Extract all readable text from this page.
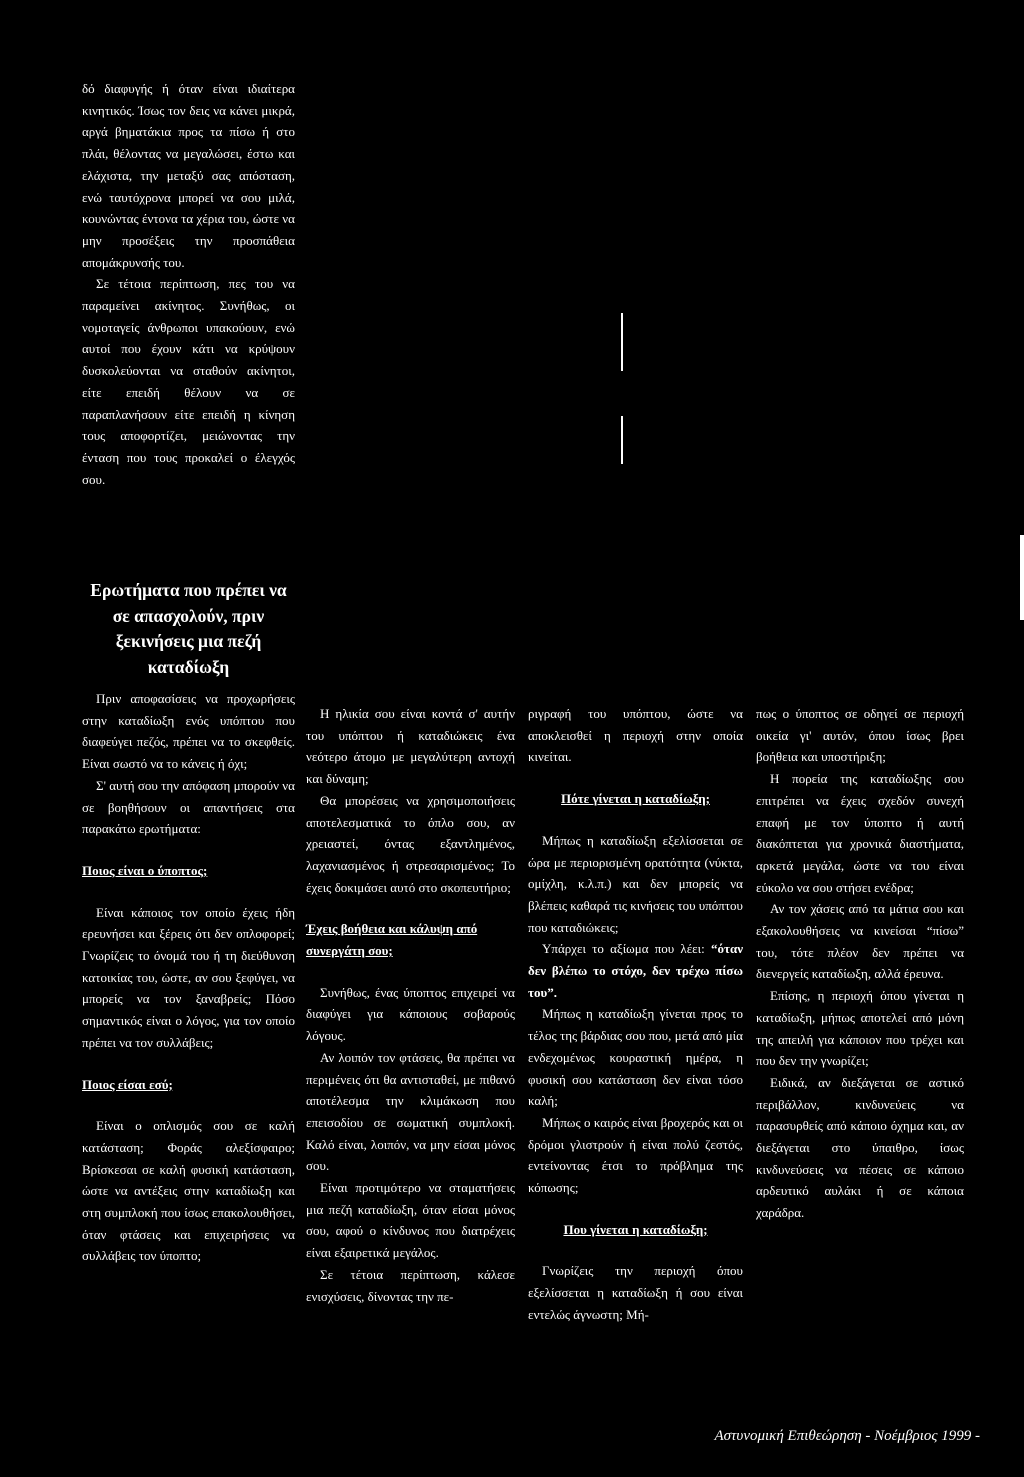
δό διαφυγής ή όταν είναι ιδιαίτερα κινητικός. Ίσως τον δεις να κάνει μικρά, αργά βηματάκια προς τα πίσω ή στο πλάι, θέλοντας να μεγαλώσει, έστω και ελάχιστα, την μεταξύ σας απόσταση, ενώ ταυτόχρονα μπορεί να σου μιλά, κουνώντας έντονα τα χέρια του, ώστε να μην προσέξεις την προσπάθεια απομάκρυνσής του.

Σε τέτοια περίπτωση, πες του να παραμείνει ακίνητος. Συνήθως, οι νομοταγείς άνθρωποι υπακούουν, ενώ αυτοί που έχουν κάτι να κρύψουν δυσκολεύονται να σταθούν ακίνητοι, είτε επειδή θέλουν να σε παραπλανήσουν είτε επειδή η κίνηση τους αποφορτίζει, μειώνοντας την ένταση που τους προκαλεί ο έλεγχός σου.

Ερωτήματα που πρέπει να σε απασχολούν, πριν ξεκινήσεις μια πεζή καταδίωξη

Πριν αποφασίσεις να προχωρήσεις στην καταδίωξη ενός υπόπτου που διαφεύγει πεζός, πρέπει να το σκεφθείς. Είναι σωστό να το κάνεις ή όχι;

Σ' αυτή σου την απόφαση μπορούν να σε βοηθήσουν οι απαντήσεις στα παρακάτω ερωτήματα:

Ποιος είναι ο ύποπτος;

Είναι κάποιος τον οποίο έχεις ήδη ερευνήσει και ξέρεις ότι δεν οπλοφορεί; Γνωρίζεις το όνομά του ή τη διεύθυνση κατοικίας του, ώστε, αν σου ξεφύγει, να μπορείς να τον ξαναβρείς; Πόσο σημαντικός είναι ο λόγος, για τον οποίο πρέπει να τον συλλάβεις;

Ποιος είσαι εσύ;

Είναι ο οπλισμός σου σε καλή κατάσταση; Φοράς αλεξίσφαιρο; Βρίσκεσαι σε καλή φυσική κατάσταση, ώστε να αντέξεις στην καταδίωξη και στη συμπλοκή που ίσως επακολουθήσει, όταν φτάσεις και επιχειρήσεις να συλλάβεις τον ύποπτο;

Η ηλικία σου είναι κοντά σ' αυτήν του υπόπτου ή καταδιώκεις ένα νεότερο άτομο με μεγαλύτερη αντοχή και δύναμη;

Θα μπορέσεις να χρησιμοποιήσεις αποτελεσματικά το όπλο σου, αν χρειαστεί, όντας εξαντλημένος, λαχανιασμένος ή στρεσαρισμένος; Το έχεις δοκιμάσει αυτό στο σκοπευτήριο;

Έχεις βοήθεια και κάλυψη από συνεργάτη σου;

Συνήθως, ένας ύποπτος επιχειρεί να διαφύγει για κάποιους σοβαρούς λόγους.

Αν λοιπόν τον φτάσεις, θα πρέπει να περιμένεις ότι θα αντισταθεί, με πιθανό αποτέλεσμα την κλιμάκωση που επεισοδίου σε σωματική συμπλοκή. Καλό είναι, λοιπόν, να μην είσαι μόνος σου.

Είναι προτιμότερο να σταματήσεις μια πεζή καταδίωξη, όταν είσαι μόνος σου, αφού ο κίνδυνος που διατρέχεις είναι εξαιρετικά μεγάλος.

Σε τέτοια περίπτωση, κάλεσε ενισχύσεις, δίνοντας την πε-

ριγραφή του υπόπτου, ώστε να αποκλεισθεί η περιοχή στην οποία κινείται.

Πότε γίνεται η καταδίωξη;

Μήπως η καταδίωξη εξελίσσεται σε ώρα με περιορισμένη ορατότητα (νύκτα, ομίχλη, κ.λ.π.) και δεν μπορείς να βλέπεις καθαρά τις κινήσεις του υπόπτου που καταδιώκεις;

Υπάρχει το αξίωμα που λέει: “όταν δεν βλέπω το στόχο, δεν τρέχω πίσω του”.

Μήπως η καταδίωξη γίνεται προς το τέλος της βάρδιας σου που, μετά από μία ενδεχομένως κουραστική ημέρα, η φυσική σου κατάσταση δεν είναι τόσο καλή;

Μήπως ο καιρός είναι βροχερός και οι δρόμοι γλιστρούν ή είναι πολύ ζεστός, εντείνοντας έτσι το πρόβλημα της κόπωσης;

Που γίνεται η καταδίωξη;

Γνωρίζεις την περιοχή όπου εξελίσσεται η καταδίωξη ή σου είναι εντελώς άγνωστη; Μή-

πως ο ύποπτος σε οδηγεί σε περιοχή οικεία γι' αυτόν, όπου ίσως βρει βοήθεια και υποστήριξη;

Η πορεία της καταδίωξης σου επιτρέπει να έχεις σχεδόν συνεχή επαφή με τον ύποπτο ή αυτή διακόπτεται για χρονικά διαστήματα, αρκετά μεγάλα, ώστε να του είναι εύκολο να σου στήσει ενέδρα;

Αν τον χάσεις από τα μάτια σου και εξακολουθήσεις να κινείσαι “πίσω” του, τότε πλέον δεν πρέπει να διενεργείς καταδίωξη, αλλά έρευνα.

Επίσης, η περιοχή όπου γίνεται η καταδίωξη, μήπως αποτελεί από μόνη της απειλή για κάποιον που τρέχει και που δεν την γνωρίζει;

Ειδικά, αν διεξάγεται σε αστικό περιβάλλον, κινδυνεύεις να παρασυρθείς από κάποιο όχημα και, αν διεξάγεται στο ύπαιθρο, ίσως κινδυνεύσεις να πέσεις σε κάποιο αρδευτικό αυλάκι ή σε κάποια χαράδρα.

Αστυνομική Επιθεώρηση - Νοέμβριος 1999 -
